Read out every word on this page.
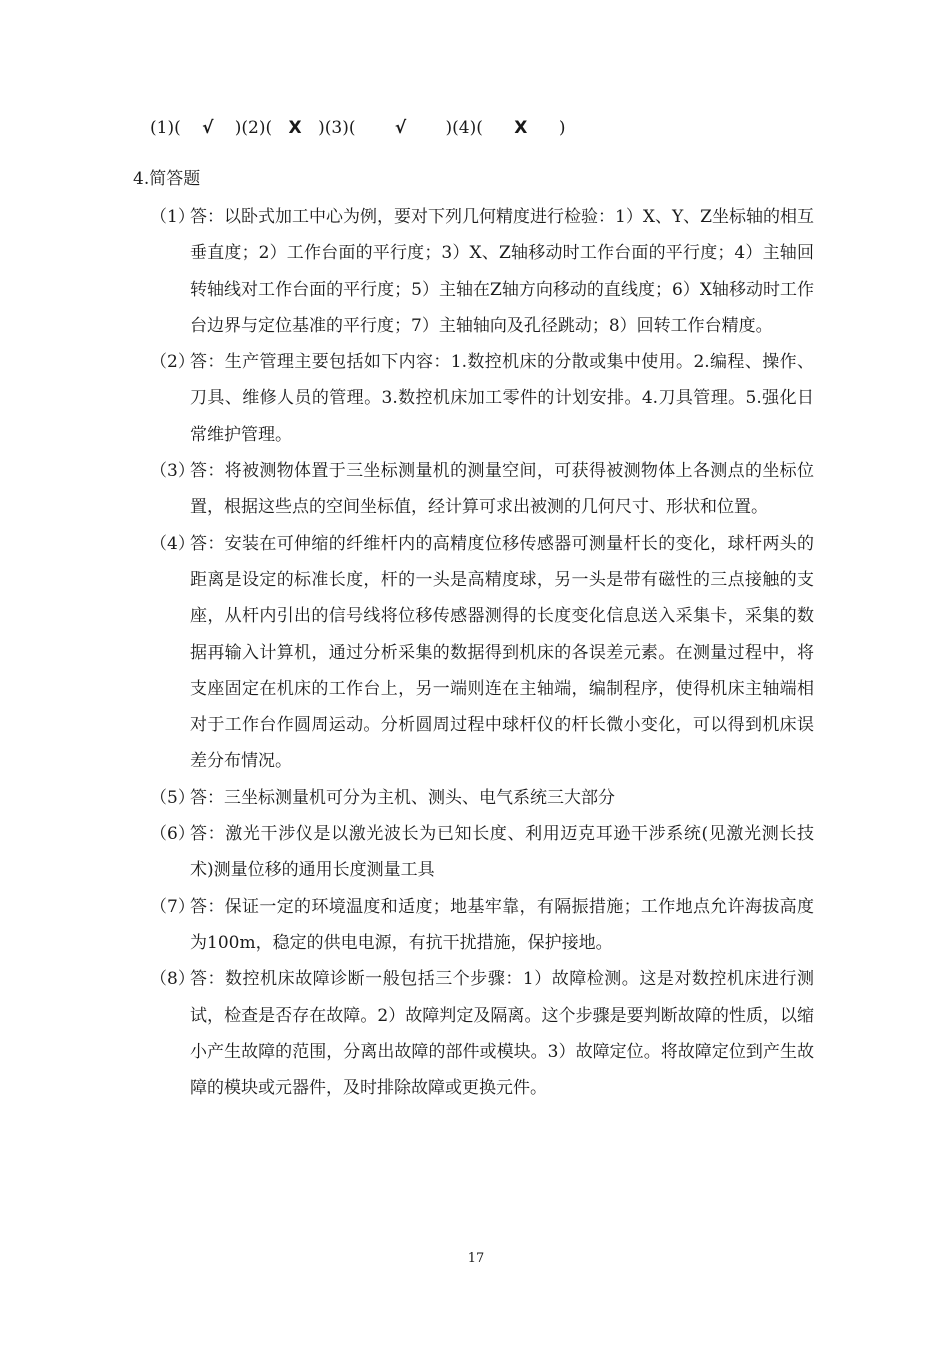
(1)( √ )(2)( X )(3)( √ )(4)( X )
4.简答题
（1）
答：以卧式加工中心为例，要对下列几何精度进行检验：1）X、Y、Z坐标轴的相互垂直度；2）工作台面的平行度；3）X、Z轴移动时工作台面的平行度；4）主轴回转轴线对工作台面的平行度；5）主轴在Z轴方向移动的直线度；6）X轴移动时工作台边界与定位基准的平行度；7）主轴轴向及孔径跳动；8）回转工作台精度。
（2）
答：生产管理主要包括如下内容：1.数控机床的分散或集中使用。2.编程、操作、刀具、维修人员的管理。3.数控机床加工零件的计划安排。4.刀具管理。5.强化日常维护管理。
（3）
答：将被测物体置于三坐标测量机的测量空间，可获得被测物体上各测点的坐标位置，根据这些点的空间坐标值，经计算可求出被测的几何尺寸、形状和位置。
（4）
答：安装在可伸缩的纤维杆内的高精度位移传感器可测量杆长的变化，球杆两头的距离是设定的标准长度，杆的一头是高精度球，另一头是带有磁性的三点接触的支座，从杆内引出的信号线将位移传感器测得的长度变化信息送入采集卡，采集的数据再输入计算机，通过分析采集的数据得到机床的各误差元素。在测量过程中，将支座固定在机床的工作台上，另一端则连在主轴端，编制程序，使得机床主轴端相对于工作台作圆周运动。分析圆周过程中球杆仪的杆长微小变化，可以得到机床误差分布情况。
（5）
答：三坐标测量机可分为主机、测头、电气系统三大部分
（6）
答：激光干涉仪是以激光波长为已知长度、利用迈克耳逊干涉系统(见激光测长技术)测量位移的通用长度测量工具
（7）
答：保证一定的环境温度和适度；地基牢靠，有隔振措施；工作地点允许海拔高度为100m，稳定的供电电源，有抗干扰措施，保护接地。
（8）
答：数控机床故障诊断一般包括三个步骤：1）故障检测。这是对数控机床进行测试，检查是否存在故障。2）故障判定及隔离。这个步骤是要判断故障的性质，以缩小产生故障的范围，分离出故障的部件或模块。3）故障定位。将故障定位到产生故障的模块或元器件，及时排除故障或更换元件。
17
